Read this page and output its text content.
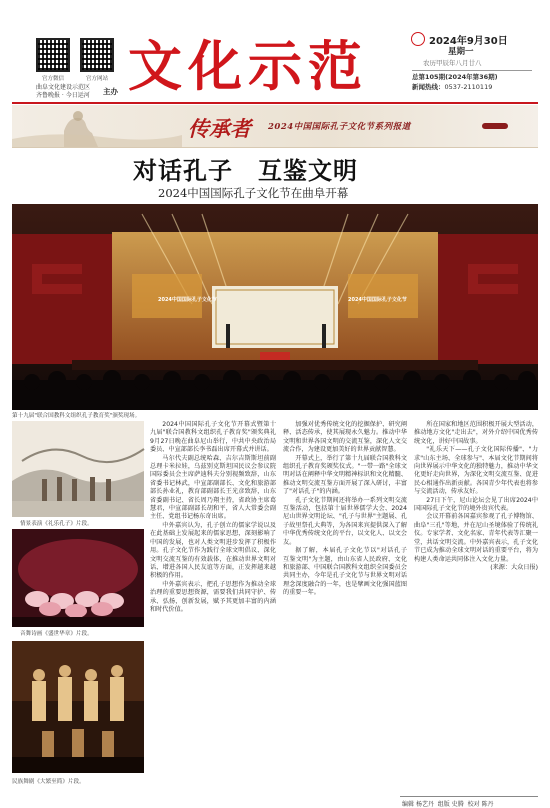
官方微信	官方网站
曲阜文化建设示范区
齐鲁晚报 · 今日运河 主办 文化示范	2024年9月30日
星期一
农历甲辰年八月廿八
总第105期(2024年第36期)
新闻热线：0537-2110119
传承者 2024中国国际孔子文化节系列报道
对话孔子　互鉴文明
2024中国国际孔子文化节在曲阜开幕
2024中国国际孔子文化节	2024中国国际孔子文化节
第十九届"联合国教科文组织孔子教育奖"颁奖现场。
情景表演《礼乐孔子》片段。
音舞诗画《盛世华章》片段。
民族舞剧《大繁至简》片段。

2024中国国际孔子文化节开幕式暨第十九届"联合国教科文组织孔子教育奖"颁奖典礼9月27日晚在曲阜尼山举行，中共中央政治局委员、中宣部部长李书磊出席开幕式并讲话。

马尔代夫副总统哈森、吉尔吉斯斯坦前副总理卡米拉娃，乌兹别克斯坦国民议会参议院国际委员会主席萨迪科夫分别视频致辞，山东省委书记林武，中宣部副部长、文化和旅游部部长孙业礼，教育部副部长王光彦致辞，山东省委副书记、省长周乃翔主持，省政协主席葛慧君，中宣部副部长胡和平，省人大常委会副主任、党组书记杨东奇出席。

中外嘉宾认为，孔子创立的儒家学说以及在此基础上发展起来的儒家思想，深刻影响了中国的发展，也对人类文明进步发挥了积极作用。孔子文化节作为践行全球文明倡议、深化文明交流互鉴的有效载体，在推动世界文明对话、增进各国人民友谊等方面，正发挥越来越积极的作用。

中外嘉宾表示，把孔子思想作为推动全球治理的重要思想资源，需要我们共同守护、传承、弘扬，创新发展，赋予其更加丰富的内涵和时代价值。

加强对优秀传统文化的挖掘保护、研究阐释、活态传承，使其展现永久魅力。推动中华文明和世界各国文明的交流互鉴，深化人文交流合作，为建设更加美好的世界贡献智慧。

开幕式上，举行了第十九届联合国教科文组织孔子教育奖颁奖仪式。"一带一路"全球文明对话在阐释中华文明精神标识和文化精髓、推动文明交流互鉴方面开展了深入研讨，丰富了"对话孔子"的内涵。

孔子文化节期间还将举办一系列文明交流互鉴活动，包括第十届世界儒学大会、2024尼山世界文明论坛、"孔子与世界"主题展、孔子故里祭孔大典等，为各国来宾提供深入了解中华优秀传统文化的平台，以文化人、以文会友。

据了解，本届孔子文化节以"对话孔子　互鉴文明"为主题，由山东省人民政府、文化和旅游部、中国联合国教科文组织全国委员会共同主办，今年是孔子文化节与世界文明对话理念深度融合的一年，也是擘画文化强国蓝图的重要一年。

所在国家和地区范围积极开展大型活动，推动地方文化"走出去"，对外介绍中国优秀传统文化，讲好中国故事。

"礼乐天下——孔子文化国际传播"、"力求"山东主场、全球参与"、本届文化节期间将向世界展示中华文化的独特魅力，推动中华文化更好走向世界，为深化文明交流互鉴、促进民心相通作出新贡献。各国青少年代表也将参与交流活动，传承友好。

27日下午，尼山论坛会见了出席2024中国国际孔子文化节的境外贵宾代表。

会议开幕前各国嘉宾参观了孔子博物馆、曲阜"三孔"等地，并在尼山圣境体验了传统礼仪。专家学者、文化名家、青年代表等汇聚一堂，共话文明交流。中外嘉宾表示，孔子文化节已成为推动全球文明对话的重要平台，将为构建人类命运共同体注入文化力量。

(来源：大众日报)

编辑 杨艺丹 组版 史腾 校对 陈丹
